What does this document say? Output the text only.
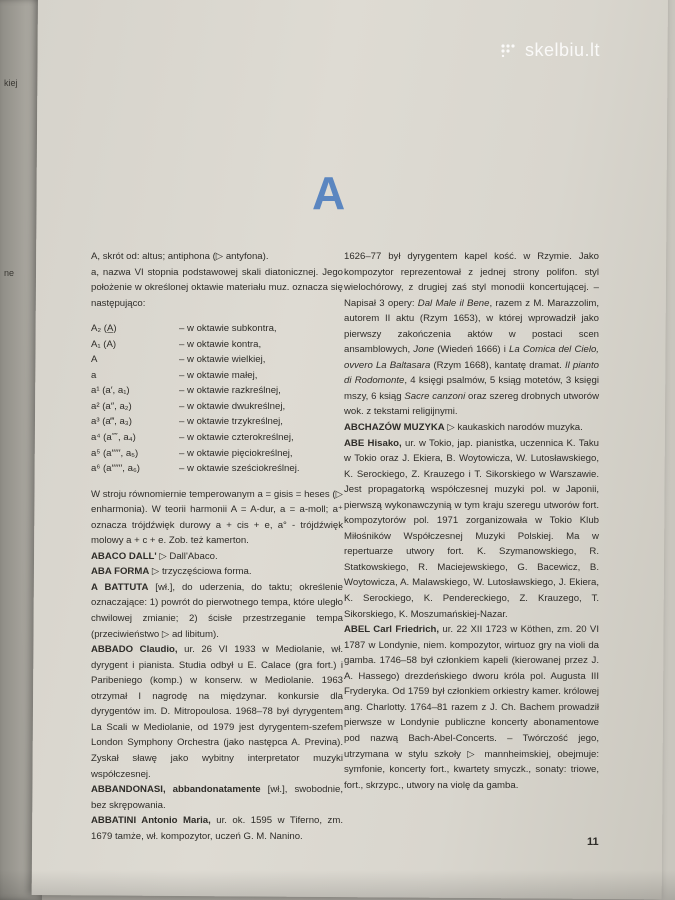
kiej
ne
A

A, skrót od: altus; antiphona (▷ antyfona).

a, nazwa VI stopnia podstawowej skali diatonicznej. Jego położenie w określonej oktawie materiału muz. oznacza się następująco:

A₂ (A̲)	– w oktawie subkontra,
A₁ (A)	– w oktawie kontra,
A	– w oktawie wielkiej,
a	– w oktawie małej,
a¹ (a′, a₁)	– w oktawie razkreślnej,
a² (a″, a₂)	– w oktawie dwukreślnej,
a³ (a‴, a₃)	– w oktawie trzykreślnej,
a⁴ (a⁗, a₄)	– w oktawie czterokreślnej,
a⁵ (a′′′′′, a₅)	– w oktawie pięciokreślnej,
a⁶ (a′′′′′′, a₆)	– w oktawie sześciokreślnej.

W stroju równomiernie temperowanym a = gisis = heses (▷ enharmonia). W teorii harmonii A = A-dur, a = a-moll; a⁺ oznacza trójdźwięk durowy a + cis + e, a° - trójdźwięk molowy a + c + e. Zob. też kamerton.

ABACO DALL' ▷ Dall'Abaco.

ABA FORMA ▷ trzyczęściowa forma.

A BATTUTA [wł.], do uderzenia, do taktu; określenie oznaczające: 1) powrót do pierwotnego tempa, które uległo chwilowej zmianie; 2) ścisłe przestrzeganie tempa (przeciwieństwo ▷ ad libitum).

ABBADO Claudio, ur. 26 VI 1933 w Mediolanie, wł. dyrygent i pianista. Studia odbył u E. Calace (gra fort.) i Paribeniego (komp.) w konserw. w Mediolanie. 1963 otrzymał I nagrodę na międzynar. konkursie dla dyrygentów im. D. Mitropoulosa. 1968–78 był dyrygentem La Scali w Mediolanie, od 1979 jest dyrygentem-szefem London Symphony Orchestra (jako następca A. Previna). Zyskał sławę jako wybitny interpretator muzyki współczesnej.

ABBANDONASI, abbandonatamente [wł.], swobodnie, bez skrępowania.

ABBATINI Antonio Maria, ur. ok. 1595 w Tiferno, zm. 1679 tamże, wł. kompozytor, uczeń G. M. Nanino.

1626–77 był dyrygentem kapel kość. w Rzymie. Jako kompozytor reprezentował z jednej strony polifon. styl wielochórowy, z drugiej zaś styl monodii koncertującej. – Napisał 3 opery: Dal Male il Bene, razem z M. Marazzolim, autorem II aktu (Rzym 1653), w której wprowadził jako pierwszy zakończenia aktów w postaci scen ansamblowych, Jone (Wiedeń 1666) i La Comica del Cielo, ovvero La Baltasara (Rzym 1668), kantatę dramat. Il pianto di Rodomonte, 4 księgi psalmów, 5 ksiąg motetów, 3 księgi mszy, 6 ksiąg Sacre canzoni oraz szereg drobnych utworów wok. z tekstami religijnymi.

ABCHAZÓW MUZYKA ▷ kaukaskich narodów muzyka.

ABE Hisako, ur. w Tokio, jap. pianistka, uczennica K. Taku w Tokio oraz J. Ekiera, B. Woytowicza, W. Lutosławskiego, K. Serockiego, Z. Krauzego i T. Sikorskiego w Warszawie. Jest propagatorką współczesnej muzyki pol. w Japonii, pierwszą wykonawczynią w tym kraju szeregu utworów fort. kompozytorów pol. 1971 zorganizowała w Tokio Klub Miłośników Współczesnej Muzyki Polskiej. Ma w repertuarze utwory fort. K. Szymanowskiego, R. Statkowskiego, R. Maciejewskiego, G. Bacewicz, B. Woytowicza, A. Malawskiego, W. Lutosławskiego, J. Ekiera, K. Serockiego, K. Pendereckiego, Z. Krauzego, T. Sikorskiego, K. Moszumańskiej-Nazar.

ABEL Carl Friedrich, ur. 22 XII 1723 w Köthen, zm. 20 VI 1787 w Londynie, niem. kompozytor, wirtuoz gry na violi da gamba. 1746–58 był członkiem kapeli (kierowanej przez J. A. Hassego) drezdeńskiego dworu króla pol. Augusta III Fryderyka. Od 1759 był członkiem orkiestry kamer. królowej ang. Charlotty. 1764–81 razem z J. Ch. Bachem prowadził pierwsze w Londynie publiczne koncerty abonamentowe pod nazwą Bach-Abel-Concerts. – Twórczość jego, utrzymana w stylu szkoły ▷ mannheimskiej, obejmuje: symfonie, koncerty fort., kwartety smyczk., sonaty: triowe, fort., skrzypc., utwory na violę da gamba.

11
skelbiu.lt
